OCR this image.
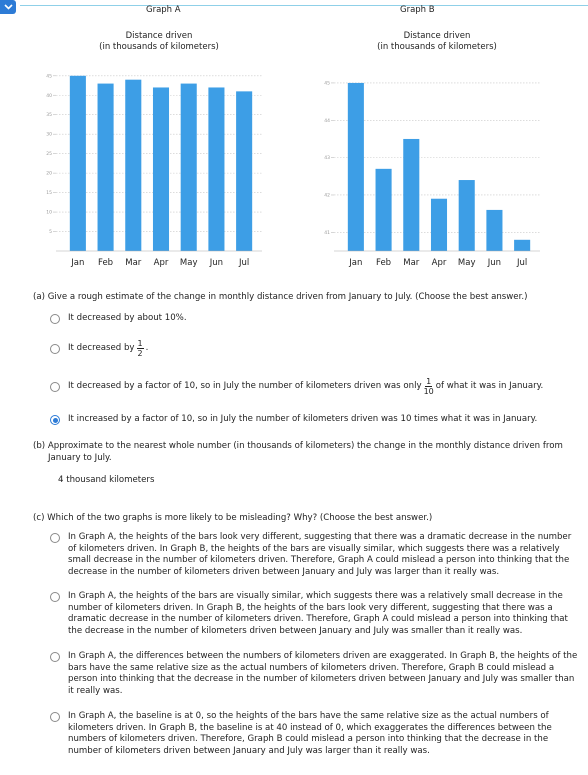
Graph A	Graph B
Distance driven
(in thousands of kilometers)
5
10
15
20
25
30
35
40
45
Jan Feb Mar Apr May Jun Jul
Distance driven
(in thousands of kilometers)
41
42
43
44
45
Jan Feb Mar Apr May Jun Jul
(a) Give a rough estimate of the change in monthly distance driven from January to July. (Choose the best answer.)
It decreased by about 10%.
It decreased by $\frac{1}{2}$ .
It decreased by a factor of 10, so in July the number of kilometers driven was only $\frac{1}{10}$ of what it was in January.
It increased by a factor of 10, so in July the number of kilometers driven was 10 times what it was in January.
(b) Approximate to the nearest whole number (in thousands of kilometers) the change in the monthly distance driven from
January to July.
4 thousand kilometers
(c) Which of the two graphs is more likely to be misleading? Why? (Choose the best answer.)
In Graph A, the heights of the bars look very different, suggesting that there was a dramatic decrease in the number of kilometers driven. In Graph B, the heights of the bars are visually similar, which suggests there was a relatively small decrease in the number of kilometers driven. Therefore, Graph A could mislead a person into thinking that the decrease in the number of kilometers driven between January and July was larger than it really was.
In Graph A, the heights of the bars are visually similar, which suggests there was a relatively small decrease in the number of kilometers driven. In Graph B, the heights of the bars look very different, suggesting that there was a dramatic decrease in the number of kilometers driven. Therefore, Graph A could mislead a person into thinking that the decrease in the number of kilometers driven between January and July was smaller than it really was.
In Graph A, the differences between the numbers of kilometers driven are exaggerated. In Graph B, the heights of the bars have the same relative size as the actual numbers of kilometers driven. Therefore, Graph B could mislead a person into thinking that the decrease in the number of kilometers driven between January and July was smaller than it really was.
In Graph A, the baseline is at 0, so the heights of the bars have the same relative size as the actual numbers of kilometers driven. In Graph B, the baseline is at 40 instead of 0, which exaggerates the differences between the numbers of kilometers driven. Therefore, Graph B could mislead a person into thinking that the decrease in the number of kilometers driven between January and July was larger than it really was.
